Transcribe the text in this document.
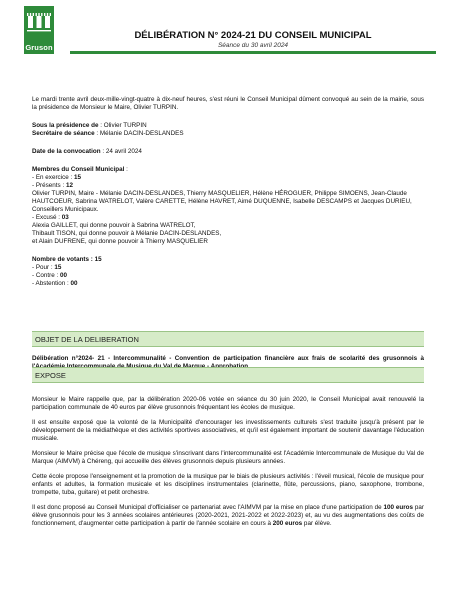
Gruson
DÉLIBÉRATION N° 2024-21 DU CONSEIL MUNICIPAL
Séance du 30 avril 2024

Le mardi trente avril deux-mille-vingt-quatre à dix-neuf heures, s'est réuni le Conseil Municipal dûment convoqué au sein de la mairie, sous la présidence de Monsieur le Maire, Olivier TURPIN.

Sous la présidence de : Olivier TURPIN

Secrétaire de séance : Mélanie DACIN-DESLANDES

Date de la convocation : 24 avril 2024

Membres du Conseil Municipal :

- En exercice : 15

- Présents : 12

Olivier TURPIN, Maire - Mélanie DACIN-DESLANDES, Thierry MASQUELIER, Hélène HÉROGUER, Philippe SIMOENS, Jean-Claude HAUTCOEUR, Sabrina WATRELOT, Valère CARETTE, Hélène HAVRET, Aimé DUQUENNE, Isabelle DESCAMPS et Jacques DURIEU, Conseillers Municipaux.

- Excusé : 03

Alexia GAILLET, qui donne pouvoir à Sabrina WATRELOT,

Thibault TISON, qui donne pouvoir à Mélanie DACIN-DESLANDES,

et Alain DUFRENE, qui donne pouvoir à Thierry MASQUELIER

Nombre de votants : 15

- Pour : 15

- Contre : 00

- Abstention : 00

OBJET DE LA DELIBERATION
Délibération n°2024- 21 - Intercommunalité - Convention de participation financière aux frais de scolarité des grusonnois à
EXPOSE

Monsieur le Maire rappelle que, par la délibération 2020-06 votée en séance du 30 juin 2020, le Conseil Municipal avait renouvelé la participation communale de 40 euros par élève grusonnois fréquentant les écoles de musique.

Il est ensuite exposé que la volonté de la Municipalité d'encourager les investissements culturels s'est traduite jusqu'à présent par le développement de la médiathèque et des activités sportives associatives, et qu'il est également important de soutenir davantage l'éducation musicale.

Monsieur le Maire précise que l'école de musique s'inscrivant dans l'intercommunalité est l'Académie Intercommunale de Musique du Val de Marque (AIMVM) à Chéreng, qui accueille des élèves grusonnois depuis plusieurs années.

Cette école propose l'enseignement et la promotion de la musique par le biais de plusieurs activités : l'éveil musical, l'école de musique pour enfants et adultes, la formation musicale et les disciplines instrumentales (clarinette, flûte, percussions, piano, saxophone, trombone, trompette, tuba, guitare) et petit orchestre.

Il est donc proposé au Conseil Municipal d'officialiser ce partenariat avec l'AIMVM par la mise en place d'une participation de 100 euros par élève grusonnois pour les 3 années scolaires antérieures (2020-2021, 2021-2022 et 2022-2023) et, au vu des augmentations des coûts de fonctionnement, d'augmenter cette participation à partir de l'année scolaire en cours à 200 euros par élève.
